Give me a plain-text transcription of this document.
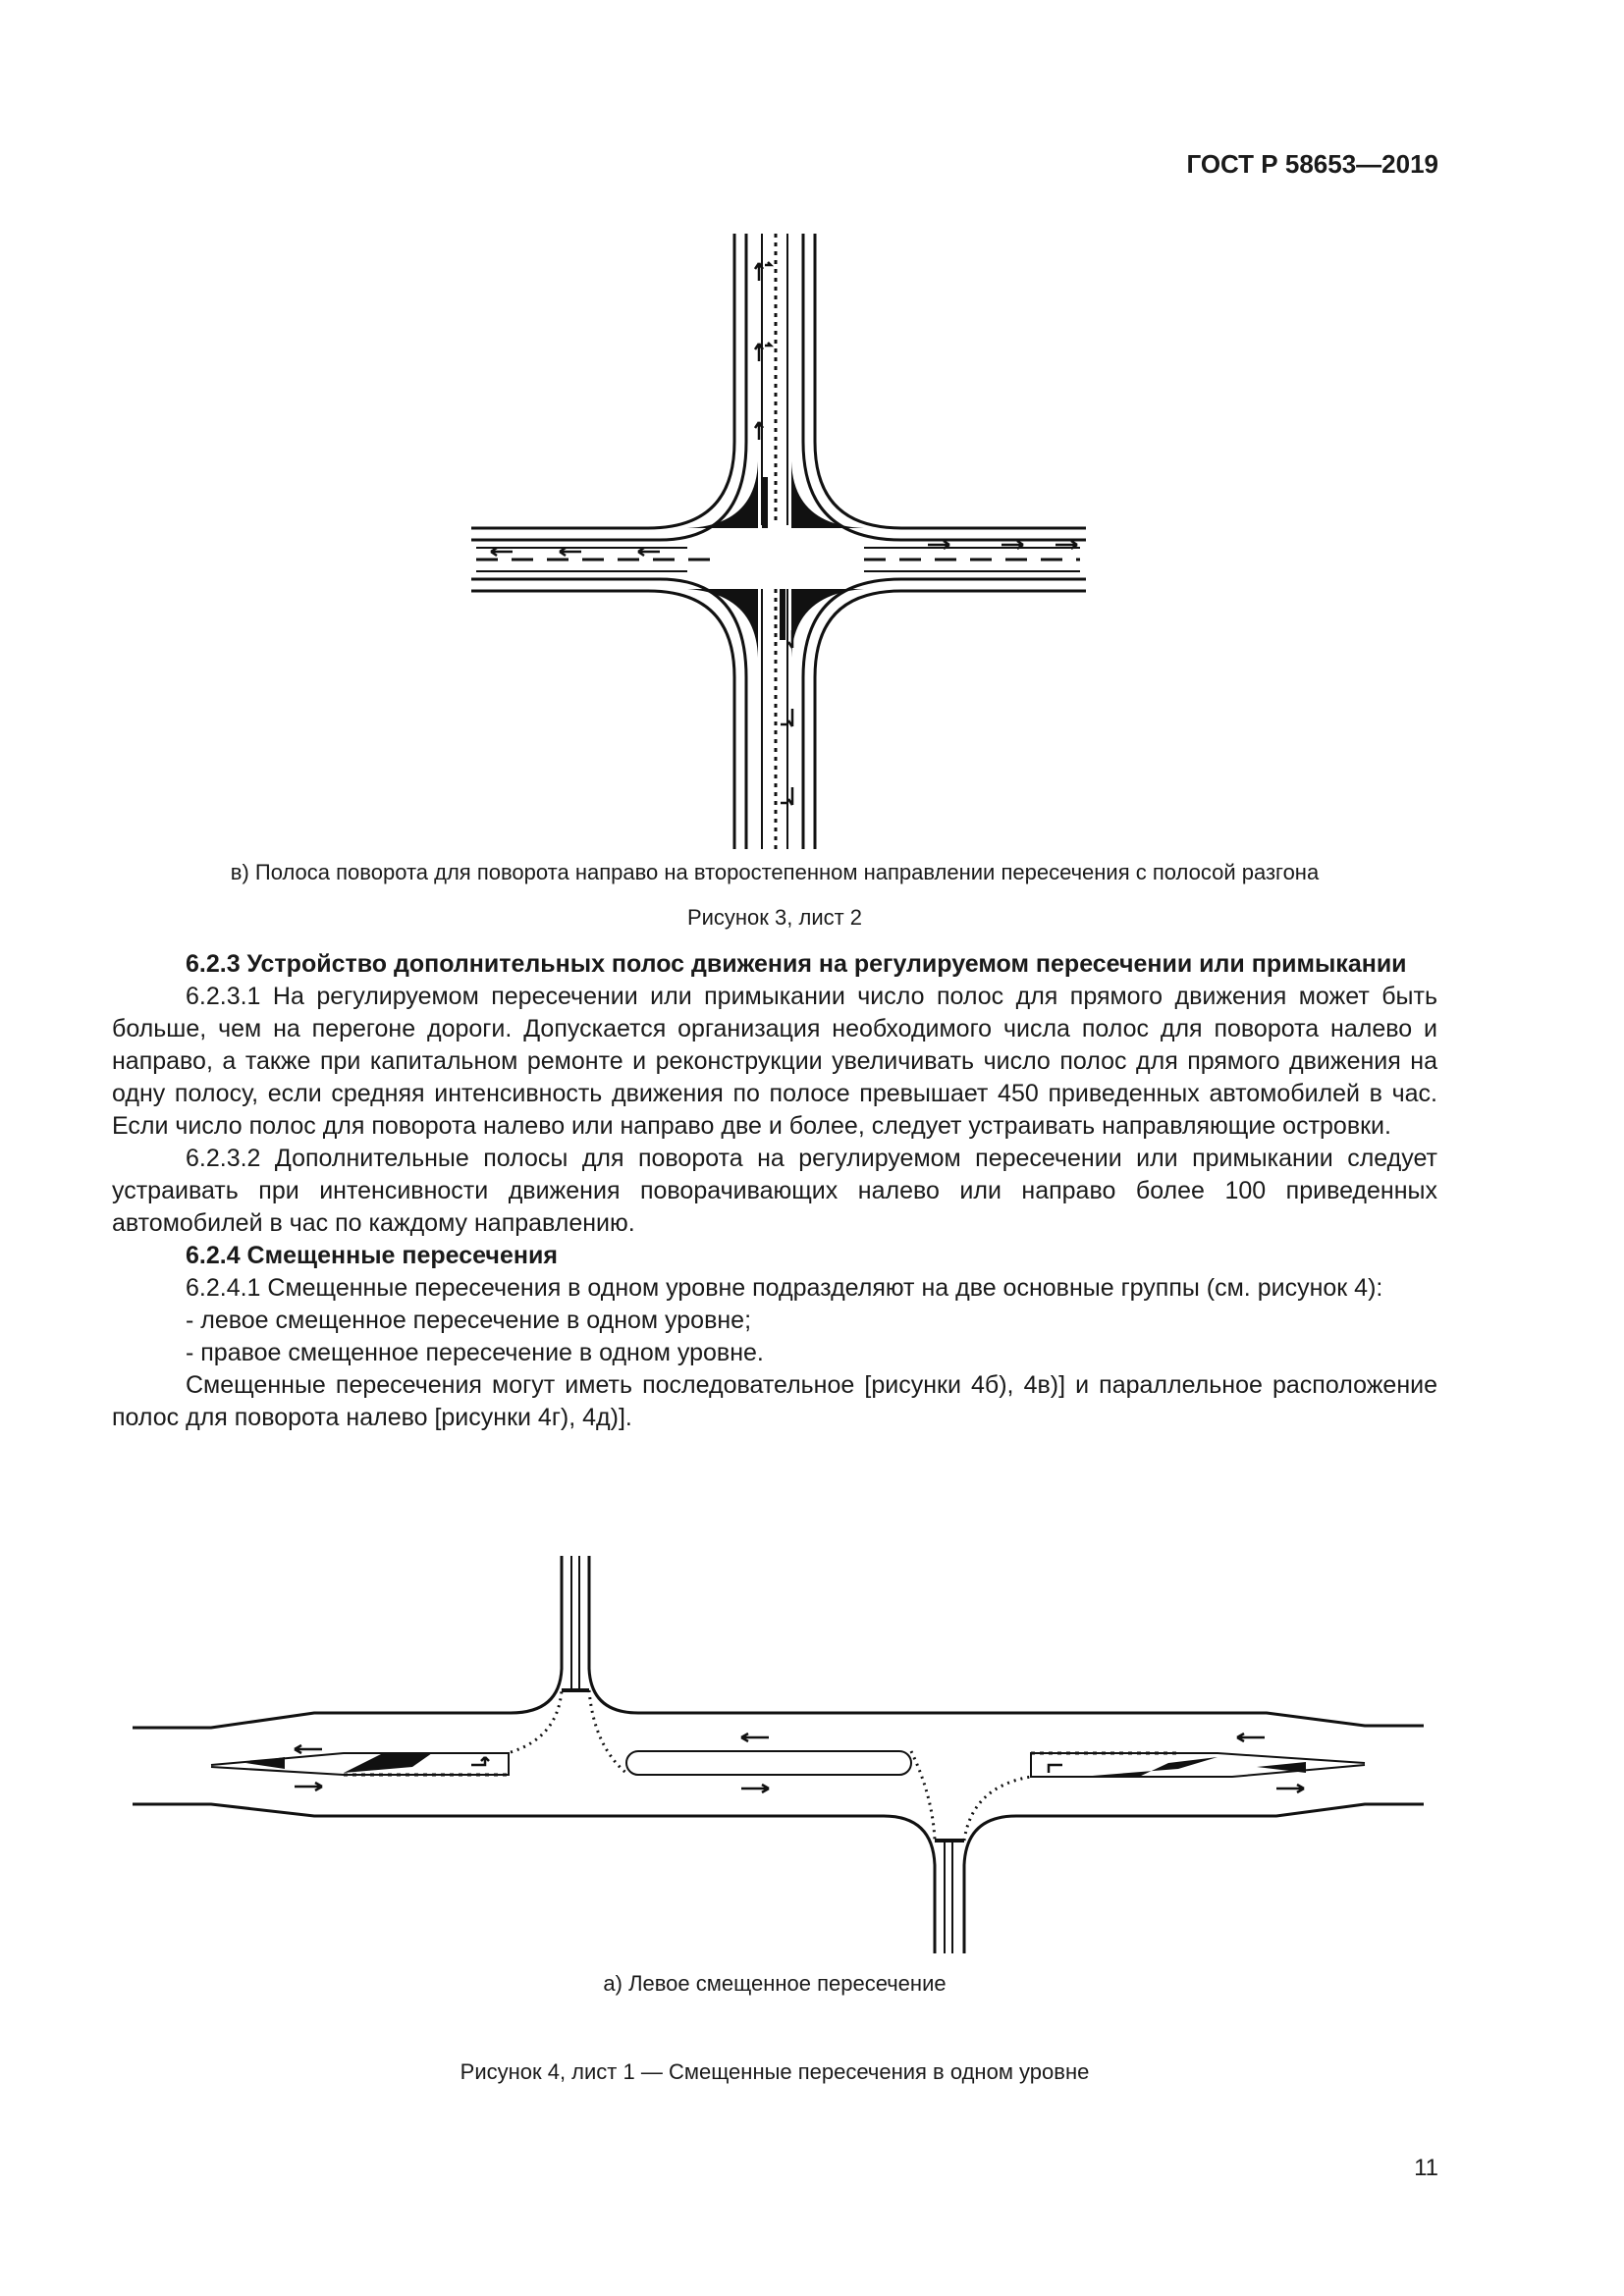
ГОСТ Р 58653—2019
в) Полоса поворота для поворота направо на второстепенном направлении пересечения с полосой разгона
Рисунок 3, лист 2

6.2.3 Устройство дополнительных полос движения на регулируемом пересечении или примыкании

6.2.3.1 На регулируемом пересечении или примыкании число полос для прямого движения может быть больше, чем на перегоне дороги. Допускается организация необходимого числа полос для поворота налево и направо, а также при капитальном ремонте и реконструкции увеличивать число полос для прямого движения на одну полосу, если средняя интенсивность движения по полосе превышает 450 приведенных автомобилей в час. Если число полос для поворота налево или направо две и более, следует устраивать направляющие островки.

6.2.3.2 Дополнительные полосы для поворота на регулируемом пересечении или примыкании следует устраивать при интенсивности движения поворачивающих налево или направо более 100 приведенных автомобилей в час по каждому направлению.

6.2.4 Смещенные пересечения

6.2.4.1 Смещенные пересечения в одном уровне подразделяют на две основные группы (см. рисунок 4):

- левое смещенное пересечение в одном уровне;

- правое смещенное пересечение в одном уровне.

Смещенные пересечения могут иметь последовательное [рисунки 4б), 4в)] и параллельное расположение полос для поворота налево [рисунки 4г), 4д)].

а) Левое смещенное пересечение
Рисунок 4, лист 1 — Смещенные пересечения в одном уровне
11
